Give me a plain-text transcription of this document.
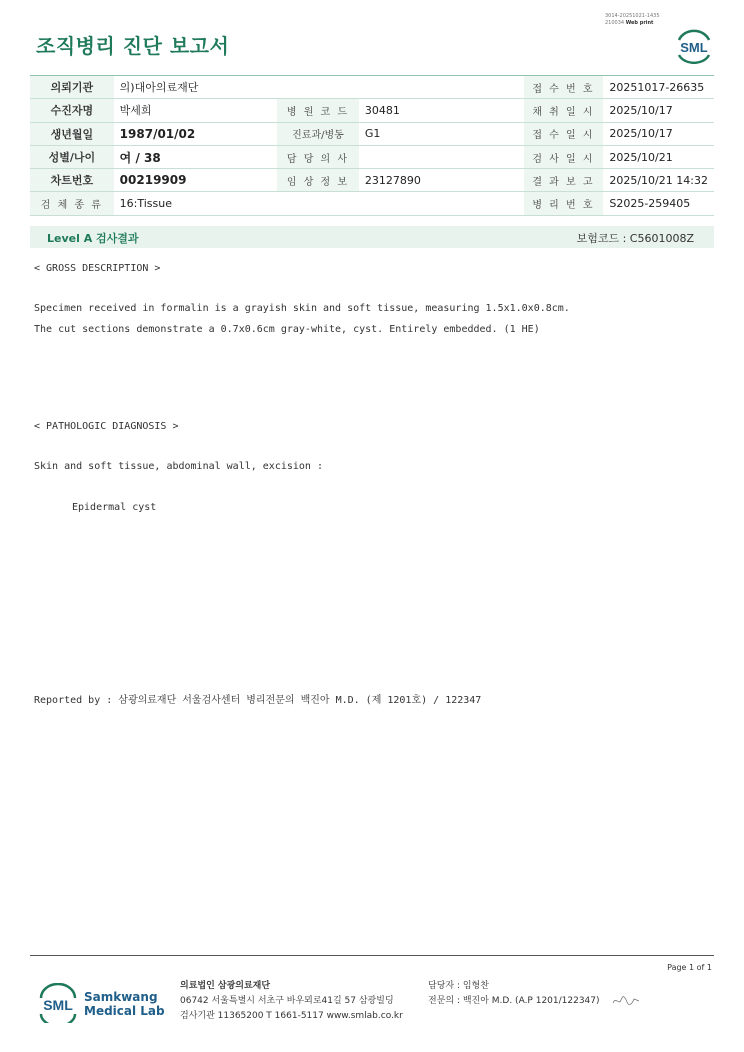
조직병리 진단 보고서
3014-20251021-1435
210034 Web print
SML
의뢰기관	의)대아의료재단			접 수 번 호	20251017-26635
수진자명	박세희	병 원 코 드	30481	채 취 일 시	2025/10/17
생년월일	1987/01/02	진료과/병동	G1	접 수 일 시	2025/10/17
성별/나이	여 / 38	담 당 의 사		검 사 일 시	2025/10/21
차트번호	00219909	임 상 정 보	23127890	결 과 보 고	2025/10/21 14:32
검 체 종 류	16:Tissue			병 리 번 호	S2025-259405
Level A 검사결과	보험코드 : C5601008Z
< GROSS DESCRIPTION >
Specimen received in formalin is a grayish skin and soft tissue, measuring 1.5x1.0x0.8cm.
The cut sections demonstrate a 0.7x0.6cm gray-white, cyst. Entirely embedded. (1 HE)
< PATHOLOGIC DIAGNOSIS >
Skin and soft tissue, abdominal wall, excision :
Epidermal cyst
Reported by : 삼광의료재단 서울검사센터 병리전문의 백진아 M.D. (제 1201호) / 122347
Page 1 of 1
SML Samkwang
Medical Lab
의료법인 삼광의료재단
06742 서울특별시 서초구 바우뫼로41길 57 삼광빌딩
검사기관 11365200 T 1661-5117 www.smlab.co.kr
담당자 : 임형찬
전문의 : 백진아 M.D. (A.P 1201/122347)
